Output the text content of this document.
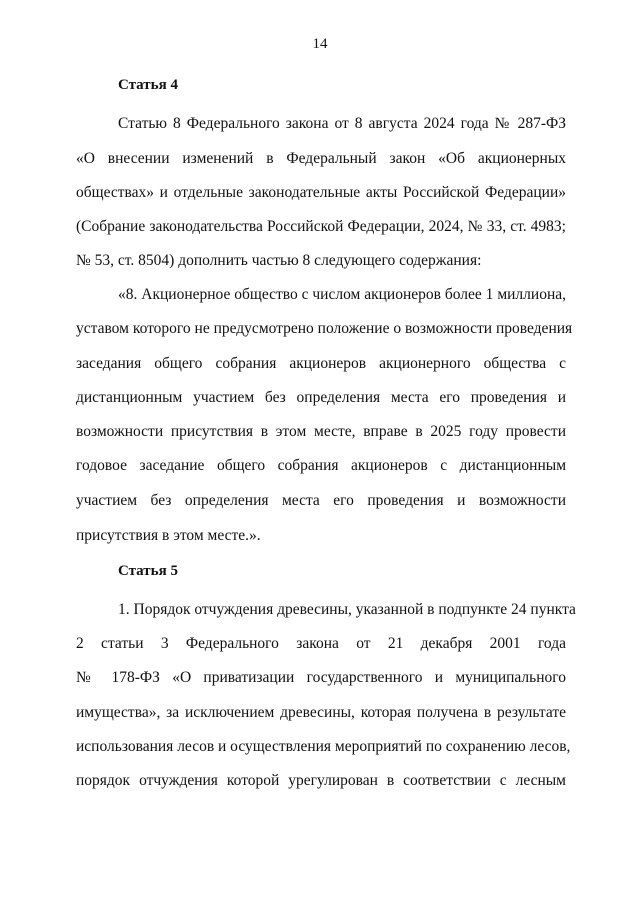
14
Статья 4
Статью 8 Федерального закона от 8 августа 2024 года № 287-ФЗ
«О внесении изменений в Федеральный закон «Об акционерных
обществах» и отдельные законодательные акты Российской Федерации»
(Собрание законодательства Российской Федерации, 2024, № 33, ст. 4983;
№ 53, ст. 8504) дополнить частью 8 следующего содержания:
«8. Акционерное общество с числом акционеров более 1 миллиона,
уставом которого не предусмотрено положение о возможности проведения
заседания общего собрания акционеров акционерного общества с
дистанционным участием без определения места его проведения и
возможности присутствия в этом месте, вправе в 2025 году провести
годовое заседание общего собрания акционеров с дистанционным
участием без определения места его проведения и возможности
присутствия в этом месте.».
Статья 5
1. Порядок отчуждения древесины, указанной в подпункте 24 пункта
2 статьи 3 Федерального закона от 21 декабря 2001 года
№ 178-ФЗ «О приватизации государственного и муниципального
имущества», за исключением древесины, которая получена в результате
использования лесов и осуществления мероприятий по сохранению лесов,
порядок отчуждения которой урегулирован в соответствии с лесным
